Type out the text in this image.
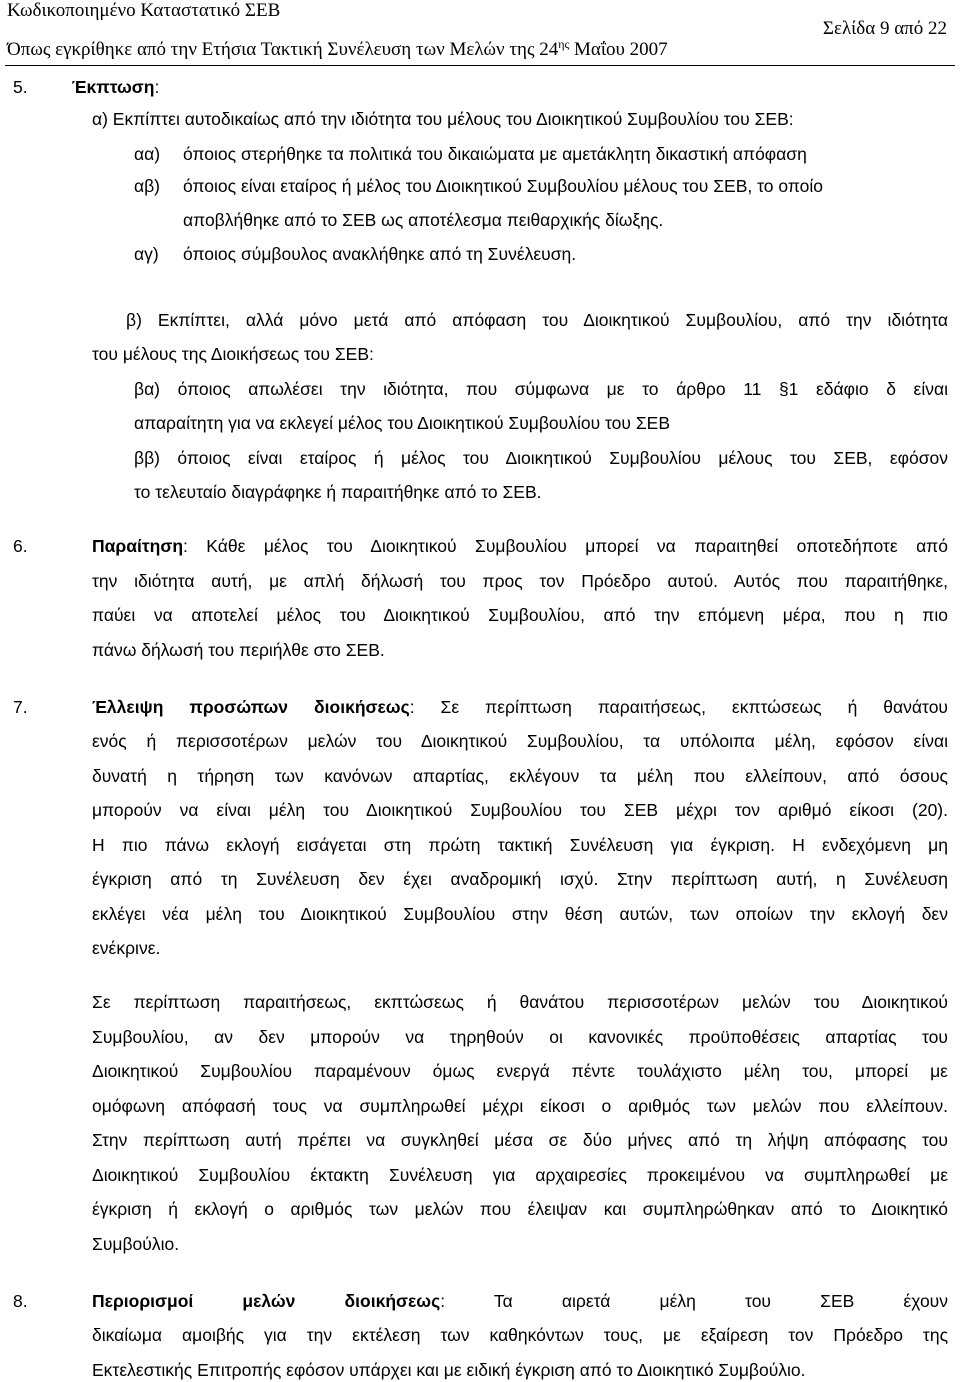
Κωδικοποιημένο Καταστατικό ΣΕΒ
Όπως εγκρίθηκε από την Ετήσια Τακτική Συνέλευση των Μελών της $24^{\eta\varsigma}$ Μαΐου 2007
Σελίδα 9 από 22
5.	Έκπτωση:
α) Εκπίπτει αυτοδικαίως από την ιδιότητα του μέλους του Διοικητικού Συμβουλίου του ΣΕΒ:
αα) όποιος στερήθηκε τα πολιτικά του δικαιώματα με αμετάκλητη δικαστική απόφαση
αβ) όποιος είναι εταίρος ή μέλος του Διοικητικού Συμβουλίου μέλους του ΣΕΒ, το οποίο
αποβλήθηκε από το ΣΕΒ ως αποτέλεσμα πειθαρχικής δίωξης.
αγ) όποιος σύμβουλος ανακλήθηκε από τη Συνέλευση.
β) Εκπίπτει, αλλά μόνο μετά από απόφαση του Διοικητικού Συμβουλίου, από την ιδιότητα
του μέλους της Διοικήσεως του ΣΕΒ:
βα) όποιος απωλέσει την ιδιότητα, που σύμφωνα με το άρθρο 11 §1 εδάφιο δ είναι
απαραίτητη για να εκλεγεί μέλος του Διοικητικού Συμβουλίου του ΣΕΒ
ββ) όποιος είναι εταίρος ή μέλος του Διοικητικού Συμβουλίου μέλους του ΣΕΒ, εφόσον
το τελευταίο διαγράφηκε ή παραιτήθηκε από το ΣΕΒ.
6.	Παραίτηση: Κάθε μέλος του Διοικητικού Συμβουλίου μπορεί να παραιτηθεί οποτεδήποτε από
την ιδιότητα αυτή, με απλή δήλωσή του προς τον Πρόεδρο αυτού. Αυτός που παραιτήθηκε,
παύει να αποτελεί μέλος του Διοικητικού Συμβουλίου, από την επόμενη μέρα, που η πιο
πάνω δήλωσή του περιήλθε στο ΣΕΒ.
7.	Έλλειψη προσώπων διοικήσεως: Σε περίπτωση παραιτήσεως, εκπτώσεως ή θανάτου
ενός ή περισσοτέρων μελών του Διοικητικού Συμβουλίου, τα υπόλοιπα μέλη, εφόσον είναι
δυνατή η τήρηση των κανόνων απαρτίας, εκλέγουν τα μέλη που ελλείπουν, από όσους
μπορούν να είναι μέλη του Διοικητικού Συμβουλίου του ΣΕΒ μέχρι τον αριθμό είκοσι (20).
Η πιο πάνω εκλογή εισάγεται στη πρώτη τακτική Συνέλευση για έγκριση. Η ενδεχόμενη μη
έγκριση από τη Συνέλευση δεν έχει αναδρομική ισχύ. Στην περίπτωση αυτή, η Συνέλευση
εκλέγει νέα μέλη του Διοικητικού Συμβουλίου στην θέση αυτών, των οποίων την εκλογή δεν
ενέκρινε.
Σε περίπτωση παραιτήσεως, εκπτώσεως ή θανάτου περισσοτέρων μελών του Διοικητικού
Συμβουλίου, αν δεν μπορούν να τηρηθούν οι κανονικές προϋποθέσεις απαρτίας του
Διοικητικού Συμβουλίου παραμένουν όμως ενεργά πέντε τουλάχιστο μέλη του, μπορεί με
ομόφωνη απόφασή τους να συμπληρωθεί μέχρι είκοσι ο αριθμός των μελών που ελλείπουν.
Στην περίπτωση αυτή πρέπει να συγκληθεί μέσα σε δύο μήνες από τη λήψη απόφασης του
Διοικητικού Συμβουλίου έκτακτη Συνέλευση για αρχαιρεσίες προκειμένου να συμπληρωθεί με
έγκριση ή εκλογή ο αριθμός των μελών που έλειψαν και συμπληρώθηκαν από το Διοικητικό
Συμβούλιο.
8.	Περιορισμοί μελών διοικήσεως: Τα αιρετά μέλη του ΣΕΒ έχουν
δικαίωμα αμοιβής για την εκτέλεση των καθηκόντων τους, με εξαίρεση τον Πρόεδρο της
Εκτελεστικής Επιτροπής εφόσον υπάρχει και με ειδική έγκριση από το Διοικητικό Συμβούλιο.
